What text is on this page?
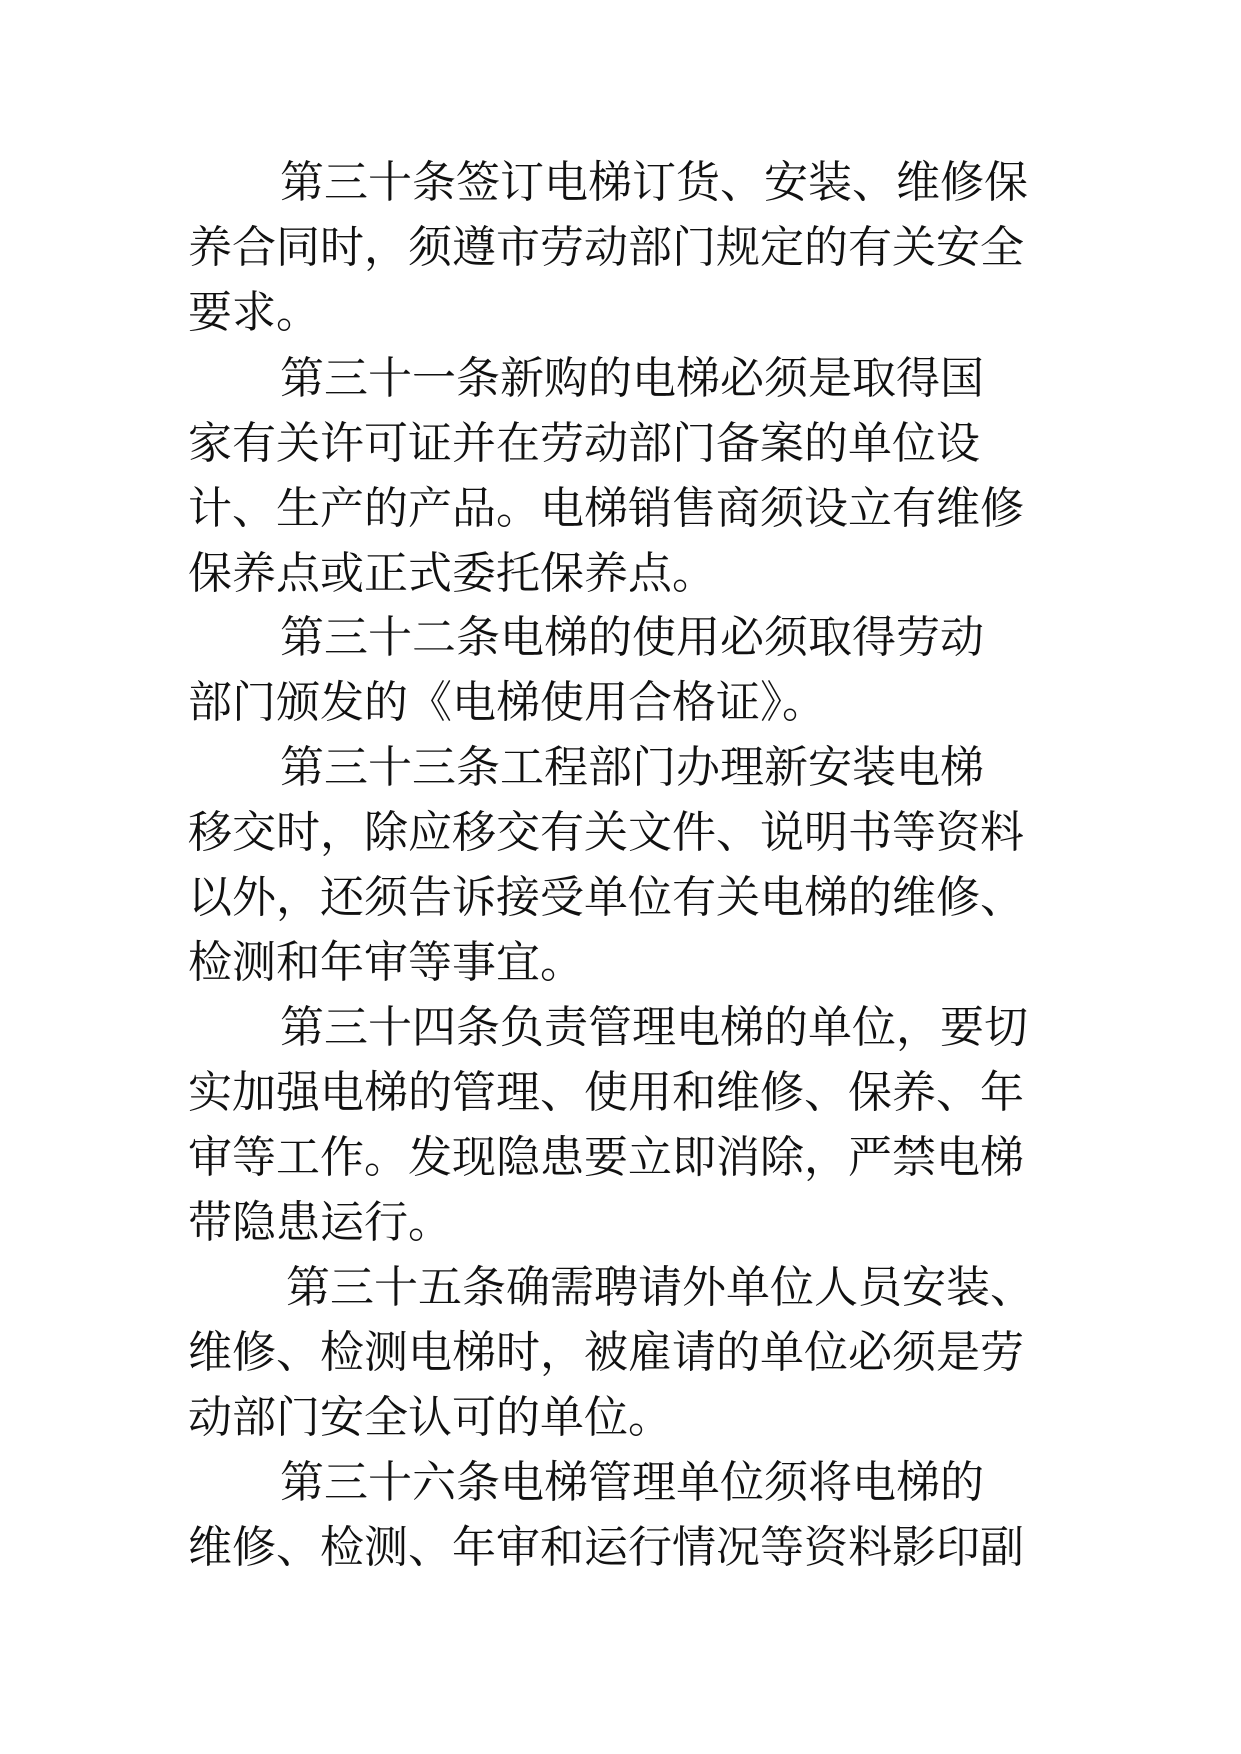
第三十条签订电梯订货、安装、维修保
养合同时，须遵市劳动部门规定的有关安全
要求。
第三十一条新购的电梯必须是取得国
家有关许可证并在劳动部门备案的单位设
计、生产的产品。电梯销售商须设立有维修
保养点或正式委托保养点。
第三十二条电梯的使用必须取得劳动
部门颁发的《电梯使用合格证》。
第三十三条工程部门办理新安装电梯
移交时，除应移交有关文件、说明书等资料
以外，还须告诉接受单位有关电梯的维修、
检测和年审等事宜。
第三十四条负责管理电梯的单位，要切
实加强电梯的管理、使用和维修、保养、年
审等工作。发现隐患要立即消除，严禁电梯
带隐患运行。
第三十五条确需聘请外单位人员安装、
维修、检测电梯时，被雇请的单位必须是劳
动部门安全认可的单位。
第三十六条电梯管理单位须将电梯的
维修、检测、年审和运行情况等资料影印副
